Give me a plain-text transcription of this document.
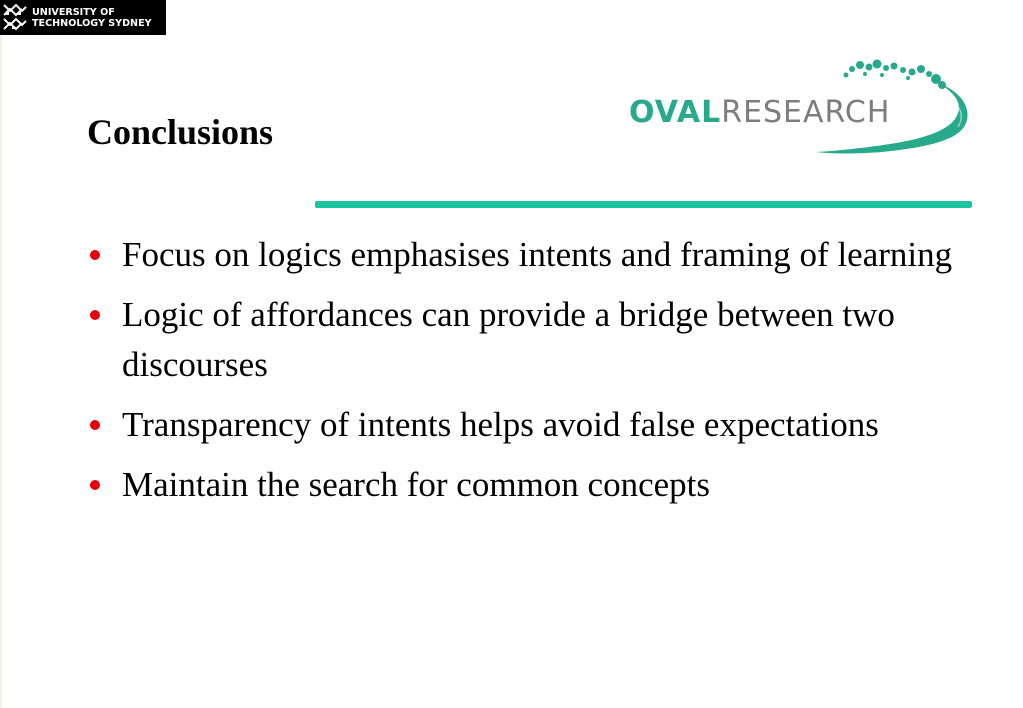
UNIVERSITY OF
TECHNOLOGY SYDNEY
Conclusions	OVALRESEARCH
Focus on logics emphasises intents and framing of learning
Logic of affordances can provide a bridge between two discourses
Transparency of intents helps avoid false expectations
Maintain the search for common concepts
